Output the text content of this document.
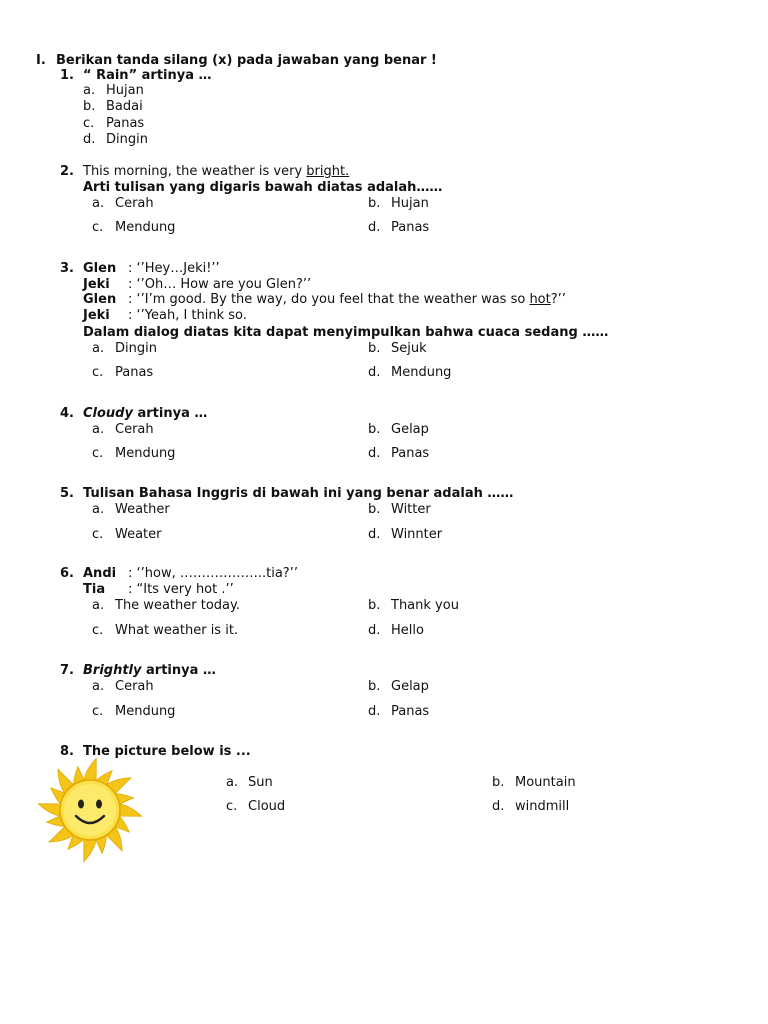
I. Berikan tanda silang (x) pada jawaban yang benar !
1. “ Rain” artinya …
a. Hujan
b. Badai
c. Panas
d. Dingin
2. This morning, the weather is very bright.
Arti tulisan yang digaris bawah diatas adalah……
a. Cerah	b. Hujan
c. Mendung	d. Panas
3. Glen : ‘’Hey…Jeki!’’
Jeki : ‘’Oh… How are you Glen?’’
Glen : ‘’I’m good. By the way, do you feel that the weather was so hot?’’
Jeki : ‘’Yeah, I think so.
Dalam dialog diatas kita dapat menyimpulkan bahwa cuaca sedang ……
a. Dingin	b. Sejuk
c. Panas	d. Mendung
4. Cloudy artinya …
a. Cerah	b. Gelap
c. Mendung	d. Panas
5. Tulisan Bahasa Inggris di bawah ini yang benar adalah ……
a. Weather	b. Witter
c. Weater	d. Winnter
6. Andi : ‘’how, ………………..tia?’’
Tia : “Its very hot .’’
a. The weather today.	b. Thank you
c. What weather is it.	d. Hello
7. Brightly artinya …
a. Cerah	b. Gelap
c. Mendung	d. Panas
8. The picture below is ...
a. Sun	b. Mountain
c. Cloud	d. windmill
